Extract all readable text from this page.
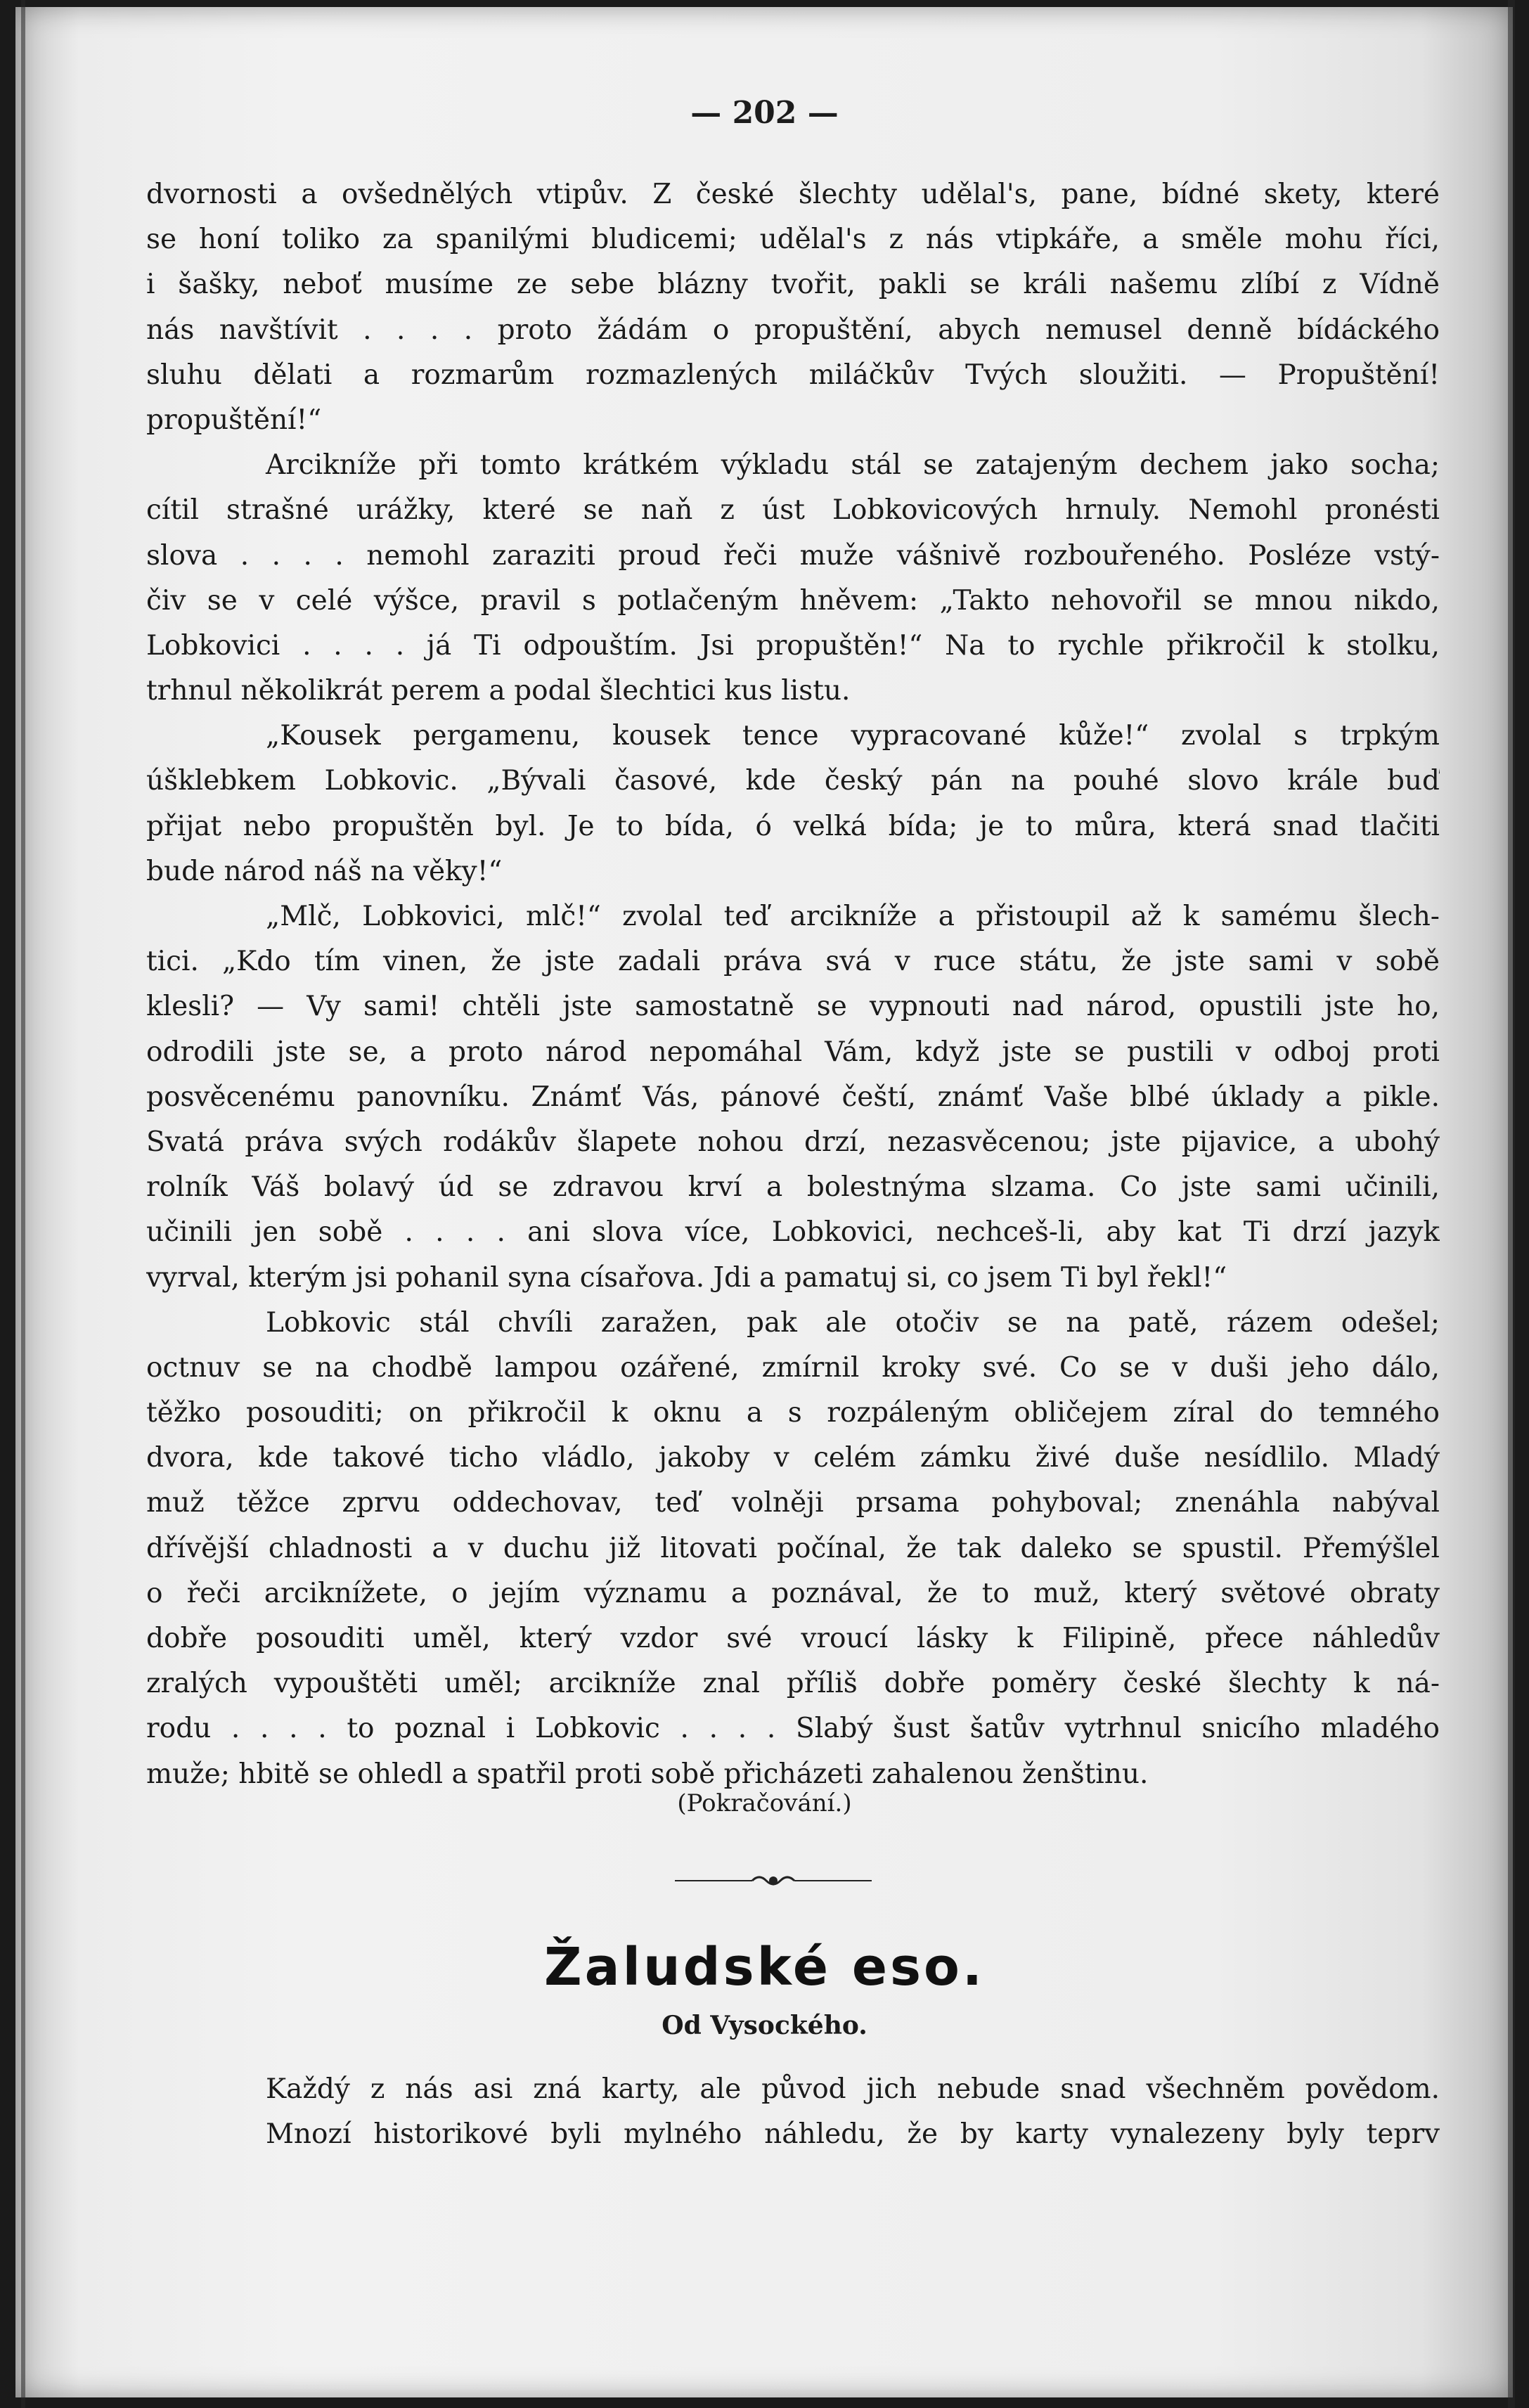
— 202 —
dvornosti a ovšednělých vtipův. Z české šlechty udělal's, pane, bídné skety, které
se honí toliko za spanilými bludicemi; udělal's z nás vtipkáře, a směle mohu říci,
i šašky, neboť musíme ze sebe blázny tvořit, pakli se králi našemu zlíbí z Vídně
nás navštívit . . . . proto žádám o propuštění, abych nemusel denně bídáckého
sluhu dělati a rozmarům rozmazlených miláčkův Tvých sloužiti. — Propuštění!
propuštění!“
Arcikníže při tomto krátkém výkladu stál se zatajeným dechem jako socha;
cítil strašné urážky, které se naň z úst Lobkovicových hrnuly. Nemohl pronésti
slova . . . . nemohl zaraziti proud řeči muže vášnivě rozbouřeného. Posléze vstý-
čiv se v celé výšce, pravil s potlačeným hněvem: „Takto nehovořil se mnou nikdo,
Lobkovici . . . . já Ti odpouštím. Jsi propuštěn!“ Na to rychle přikročil k stolku,
trhnul několikrát perem a podal šlechtici kus listu.
„Kousek pergamenu, kousek tence vypracované kůže!“ zvolal s trpkým
úšklebkem Lobkovic. „Bývali časové, kde český pán na pouhé slovo krále buď
přijat nebo propuštěn byl. Je to bída, ó velká bída; je to můra, která snad tlačiti
bude národ náš na věky!“
„Mlč, Lobkovici, mlč!“ zvolal teď arcikníže a přistoupil až k samému šlech-
tici. „Kdo tím vinen, že jste zadali práva svá v ruce státu, že jste sami v sobě
klesli? — Vy sami! chtěli jste samostatně se vypnouti nad národ, opustili jste ho,
odrodili jste se, a proto národ nepomáhal Vám, když jste se pustili v odboj proti
posvěcenému panovníku. Známť Vás, pánové čeští, známť Vaše blbé úklady a pikle.
Svatá práva svých rodákův šlapete nohou drzí, nezasvěcenou; jste pijavice, a ubohý
rolník Váš bolavý úd se zdravou krví a bolestnýma slzama. Co jste sami učinili,
učinili jen sobě . . . . ani slova více, Lobkovici, nechceš-li, aby kat Ti drzí jazyk
vyrval, kterým jsi pohanil syna císařova. Jdi a pamatuj si, co jsem Ti byl řekl!“
Lobkovic stál chvíli zaražen, pak ale otočiv se na patě, rázem odešel;
octnuv se na chodbě lampou ozářené, zmírnil kroky své. Co se v duši jeho dálo,
těžko posouditi; on přikročil k oknu a s rozpáleným obličejem zíral do temného
dvora, kde takové ticho vládlo, jakoby v celém zámku živé duše nesídlilo. Mladý
muž těžce zprvu oddechovav, teď volněji prsama pohyboval; znenáhla nabýval
dřívější chladnosti a v duchu již litovati počínal, že tak daleko se spustil. Přemýšlel
o řeči arciknížete, o jejím významu a poznával, že to muž, který světové obraty
dobře posouditi uměl, který vzdor své vroucí lásky k Filipině, přece náhledův
zralých vypouštěti uměl; arcikníže znal příliš dobře poměry české šlechty k ná-
rodu . . . . to poznal i Lobkovic . . . . Slabý šust šatův vytrhnul snicího mladého
muže; hbitě se ohledl a spatřil proti sobě přicházeti zahalenou ženštinu.
(Pokračování.)
Žaludské eso.
Od Vysockého.
Každý z nás asi zná karty, ale původ jich nebude snad všechněm povědom.
Mnozí historikové byli mylného náhledu, že by karty vynalezeny byly teprv
